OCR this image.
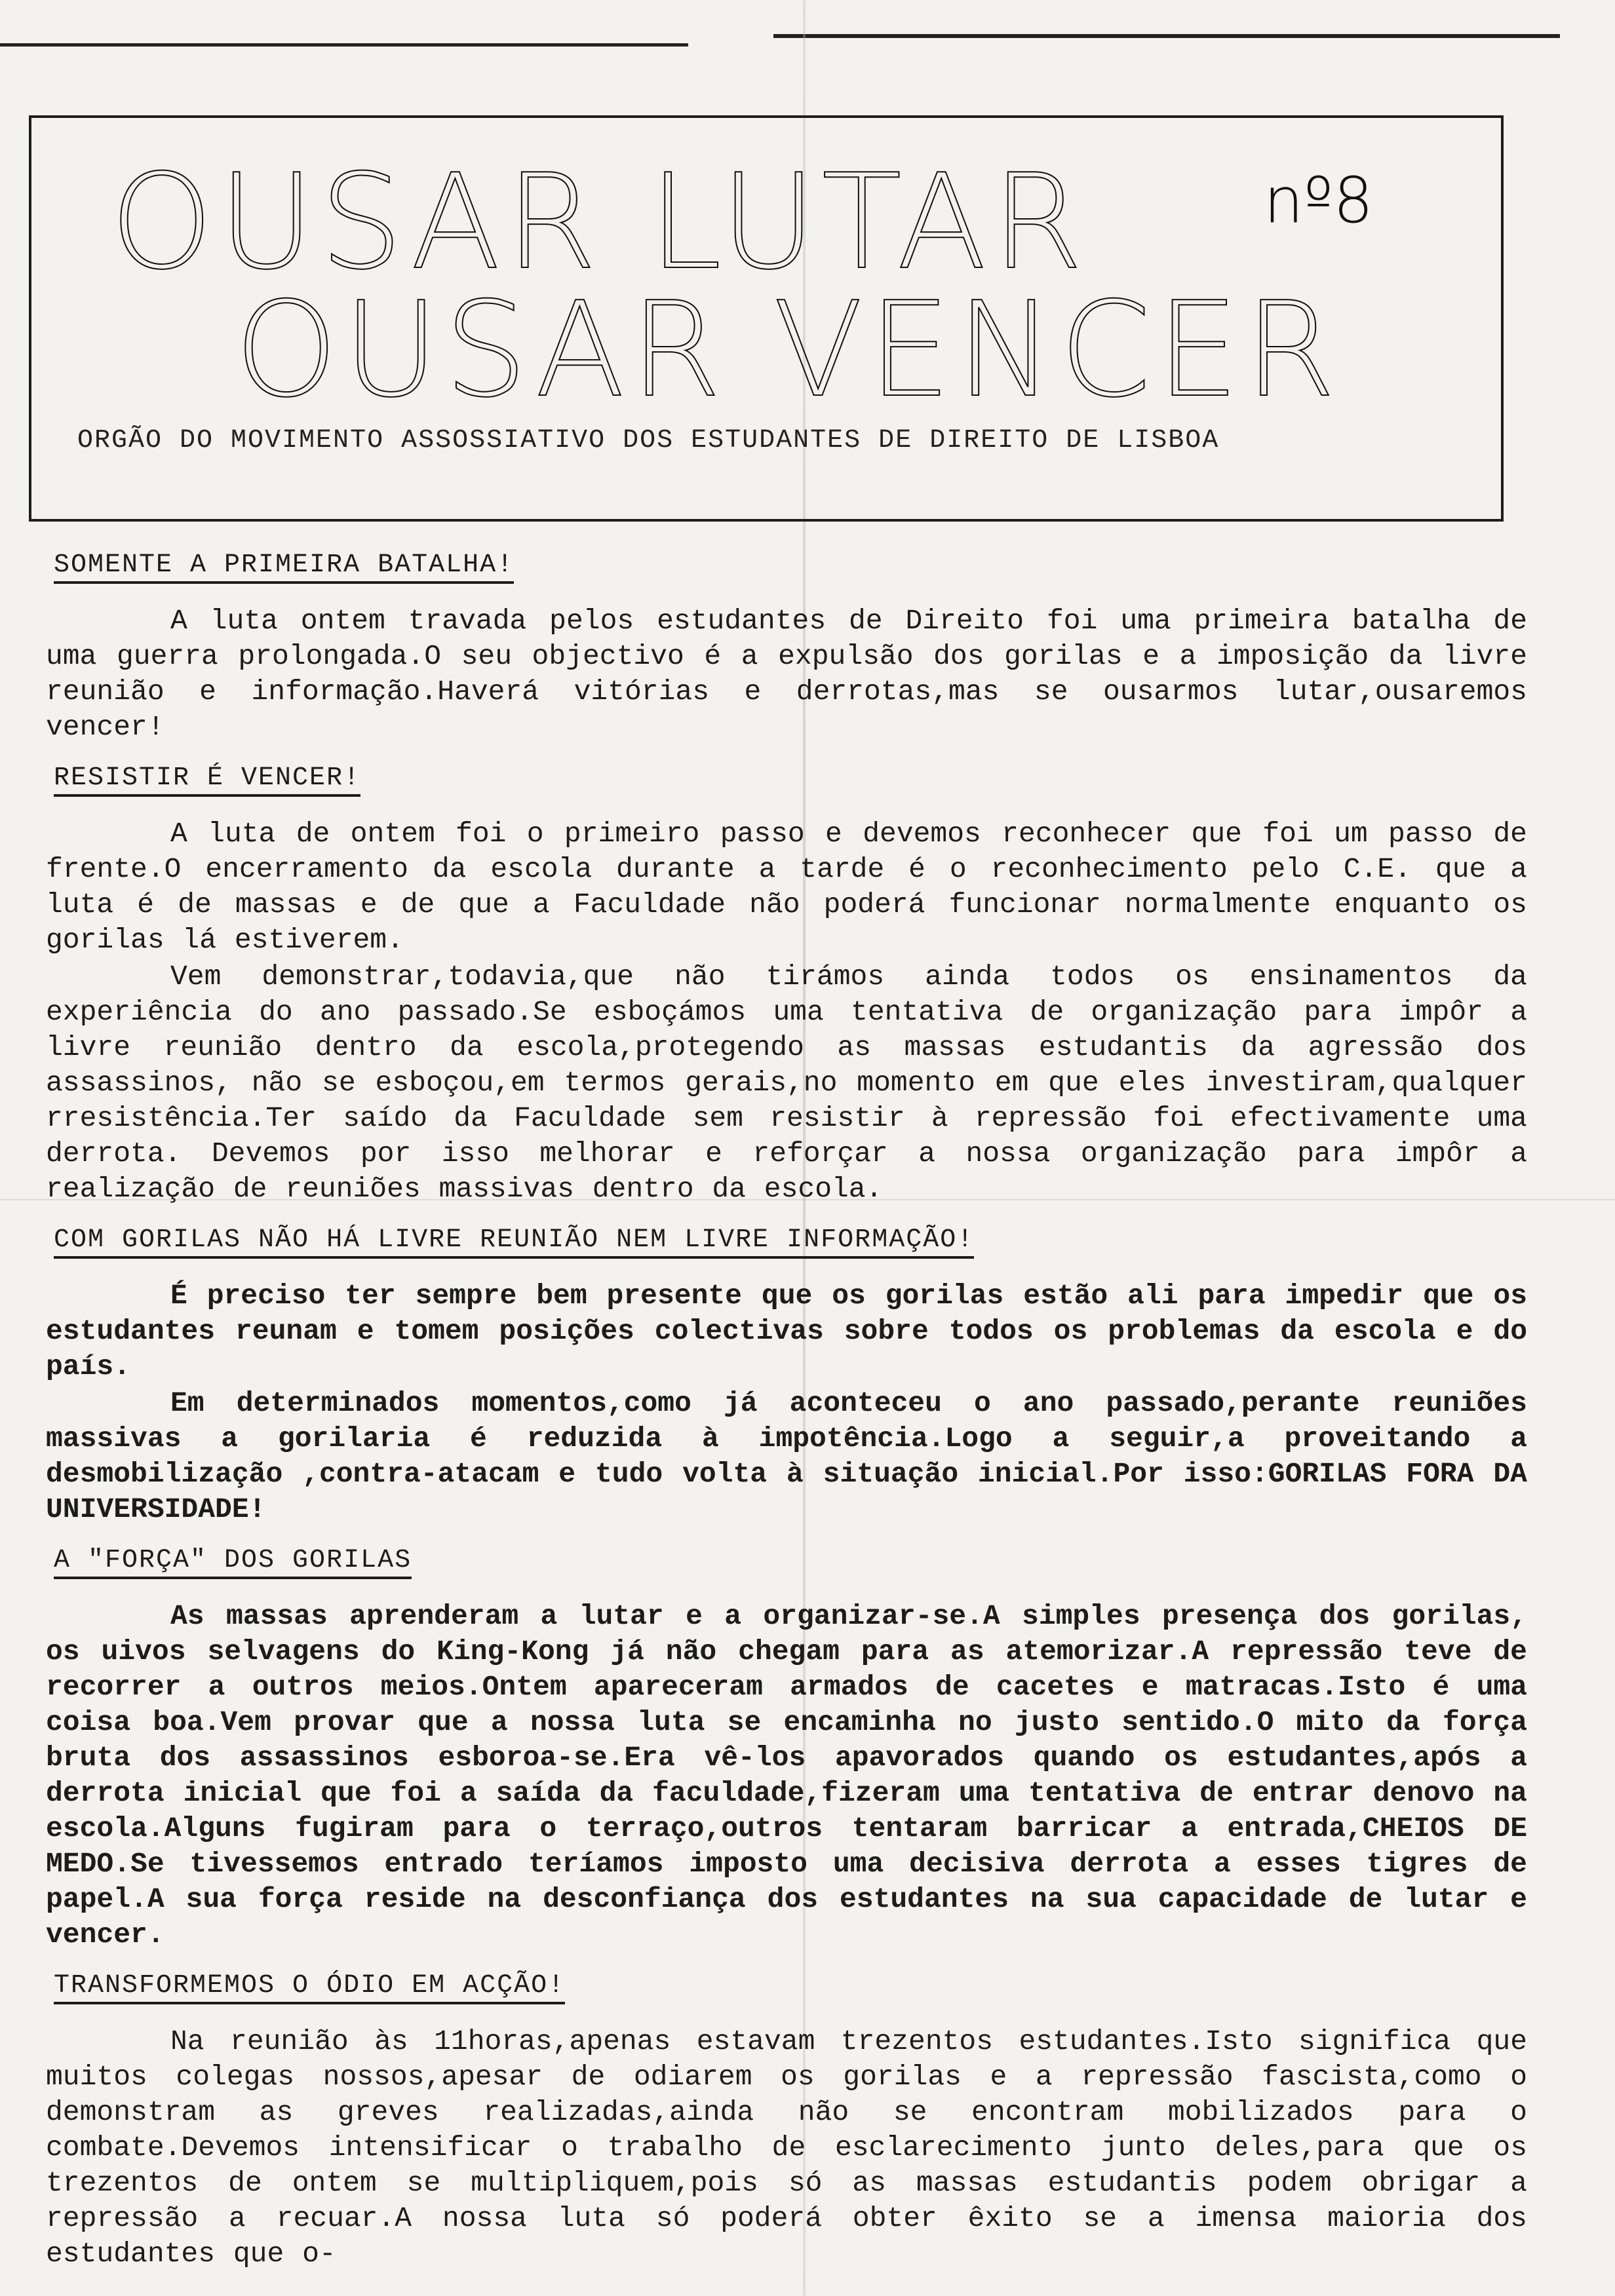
OUSAR LUTAR
OUSAR VENCER
nº8
ORGÃO DO MOVIMENTO ASSOSSIATIVO DOS ESTUDANTES DE DIREITO DE LISBOA
SOMENTE A PRIMEIRA BATALHA!

A luta ontem travada pelos estudantes de Direito foi uma primeira batalha de uma guerra prolongada.O seu objectivo é a expulsão dos gorilas e a imposição da livre reunião e informação.Haverá vitórias e derrotas,mas se ousarmos lutar,ousaremos vencer!

RESISTIR É VENCER!

A luta de ontem foi o primeiro passo e devemos reconhecer que foi um passo de frente.O encerramento da escola durante a tarde é o reconhecimento pelo C.E. que a luta é de massas e de que a Faculdade não poderá funcionar normalmente enquanto os gorilas lá estiverem.

Vem demonstrar,todavia,que não tirámos ainda todos os ensinamentos da experiência do ano passado.Se esboçámos uma tentativa de organização para impôr a livre reunião dentro da escola,protegendo as massas estudantis da agressão dos assassinos, não se esboçou,em termos gerais,no momento em que eles investiram,qualquer rresistência.Ter saído da Faculdade sem resistir à repressão foi efectivamente uma derrota. Devemos por isso melhorar e reforçar a nossa organização para impôr a realização de reuniões massivas dentro da escola.

COM GORILAS NÃO HÁ LIVRE REUNIÃO NEM LIVRE INFORMAÇÃO!

É preciso ter sempre bem presente que os gorilas estão ali para impedir que os estudantes reunam e tomem posições colectivas sobre todos os problemas da escola e do país.

Em determinados momentos,como já aconteceu o ano passado,perante reuniões massivas a gorilaria é reduzida à impotência.Logo a seguir,a proveitando a desmobilização ,contra-atacam e tudo volta à situação inicial.Por isso:GORILAS FORA DA UNIVERSIDADE!

A "FORÇA" DOS GORILAS

As massas aprenderam a lutar e a organizar-se.A simples presença dos gorilas, os uivos selvagens do King-Kong já não chegam para as atemorizar.A repressão teve de recorrer a outros meios.Ontem apareceram armados de cacetes e matracas.Isto é uma coisa boa.Vem provar que a nossa luta se encaminha no justo sentido.O mito da força bruta dos assassinos esboroa-se.Era vê-los apavorados quando os estudantes,após a derrota inicial que foi a saída da faculdade,fizeram uma tentativa de entrar denovo na escola.Alguns fugiram para o terraço,outros tentaram barricar a entrada,CHEIOS DE MEDO.Se tivessemos entrado teríamos imposto uma decisiva derrota a esses tigres de papel.A sua força reside na desconfiança dos estudantes na sua capacidade de lutar e vencer.

TRANSFORMEMOS O ÓDIO EM ACÇÃO!

Na reunião às 11horas,apenas estavam trezentos estudantes.Isto significa que muitos colegas nossos,apesar de odiarem os gorilas e a repressão fascista,como o demonstram as greves realizadas,ainda não se encontram mobilizados para o combate.Devemos intensificar o trabalho de esclarecimento junto deles,para que os trezentos de ontem se multipliquem,pois só as massas estudantis podem obrigar a repressão a recuar.A nossa luta só poderá obter êxito se a imensa maioria dos estudantes que o-
